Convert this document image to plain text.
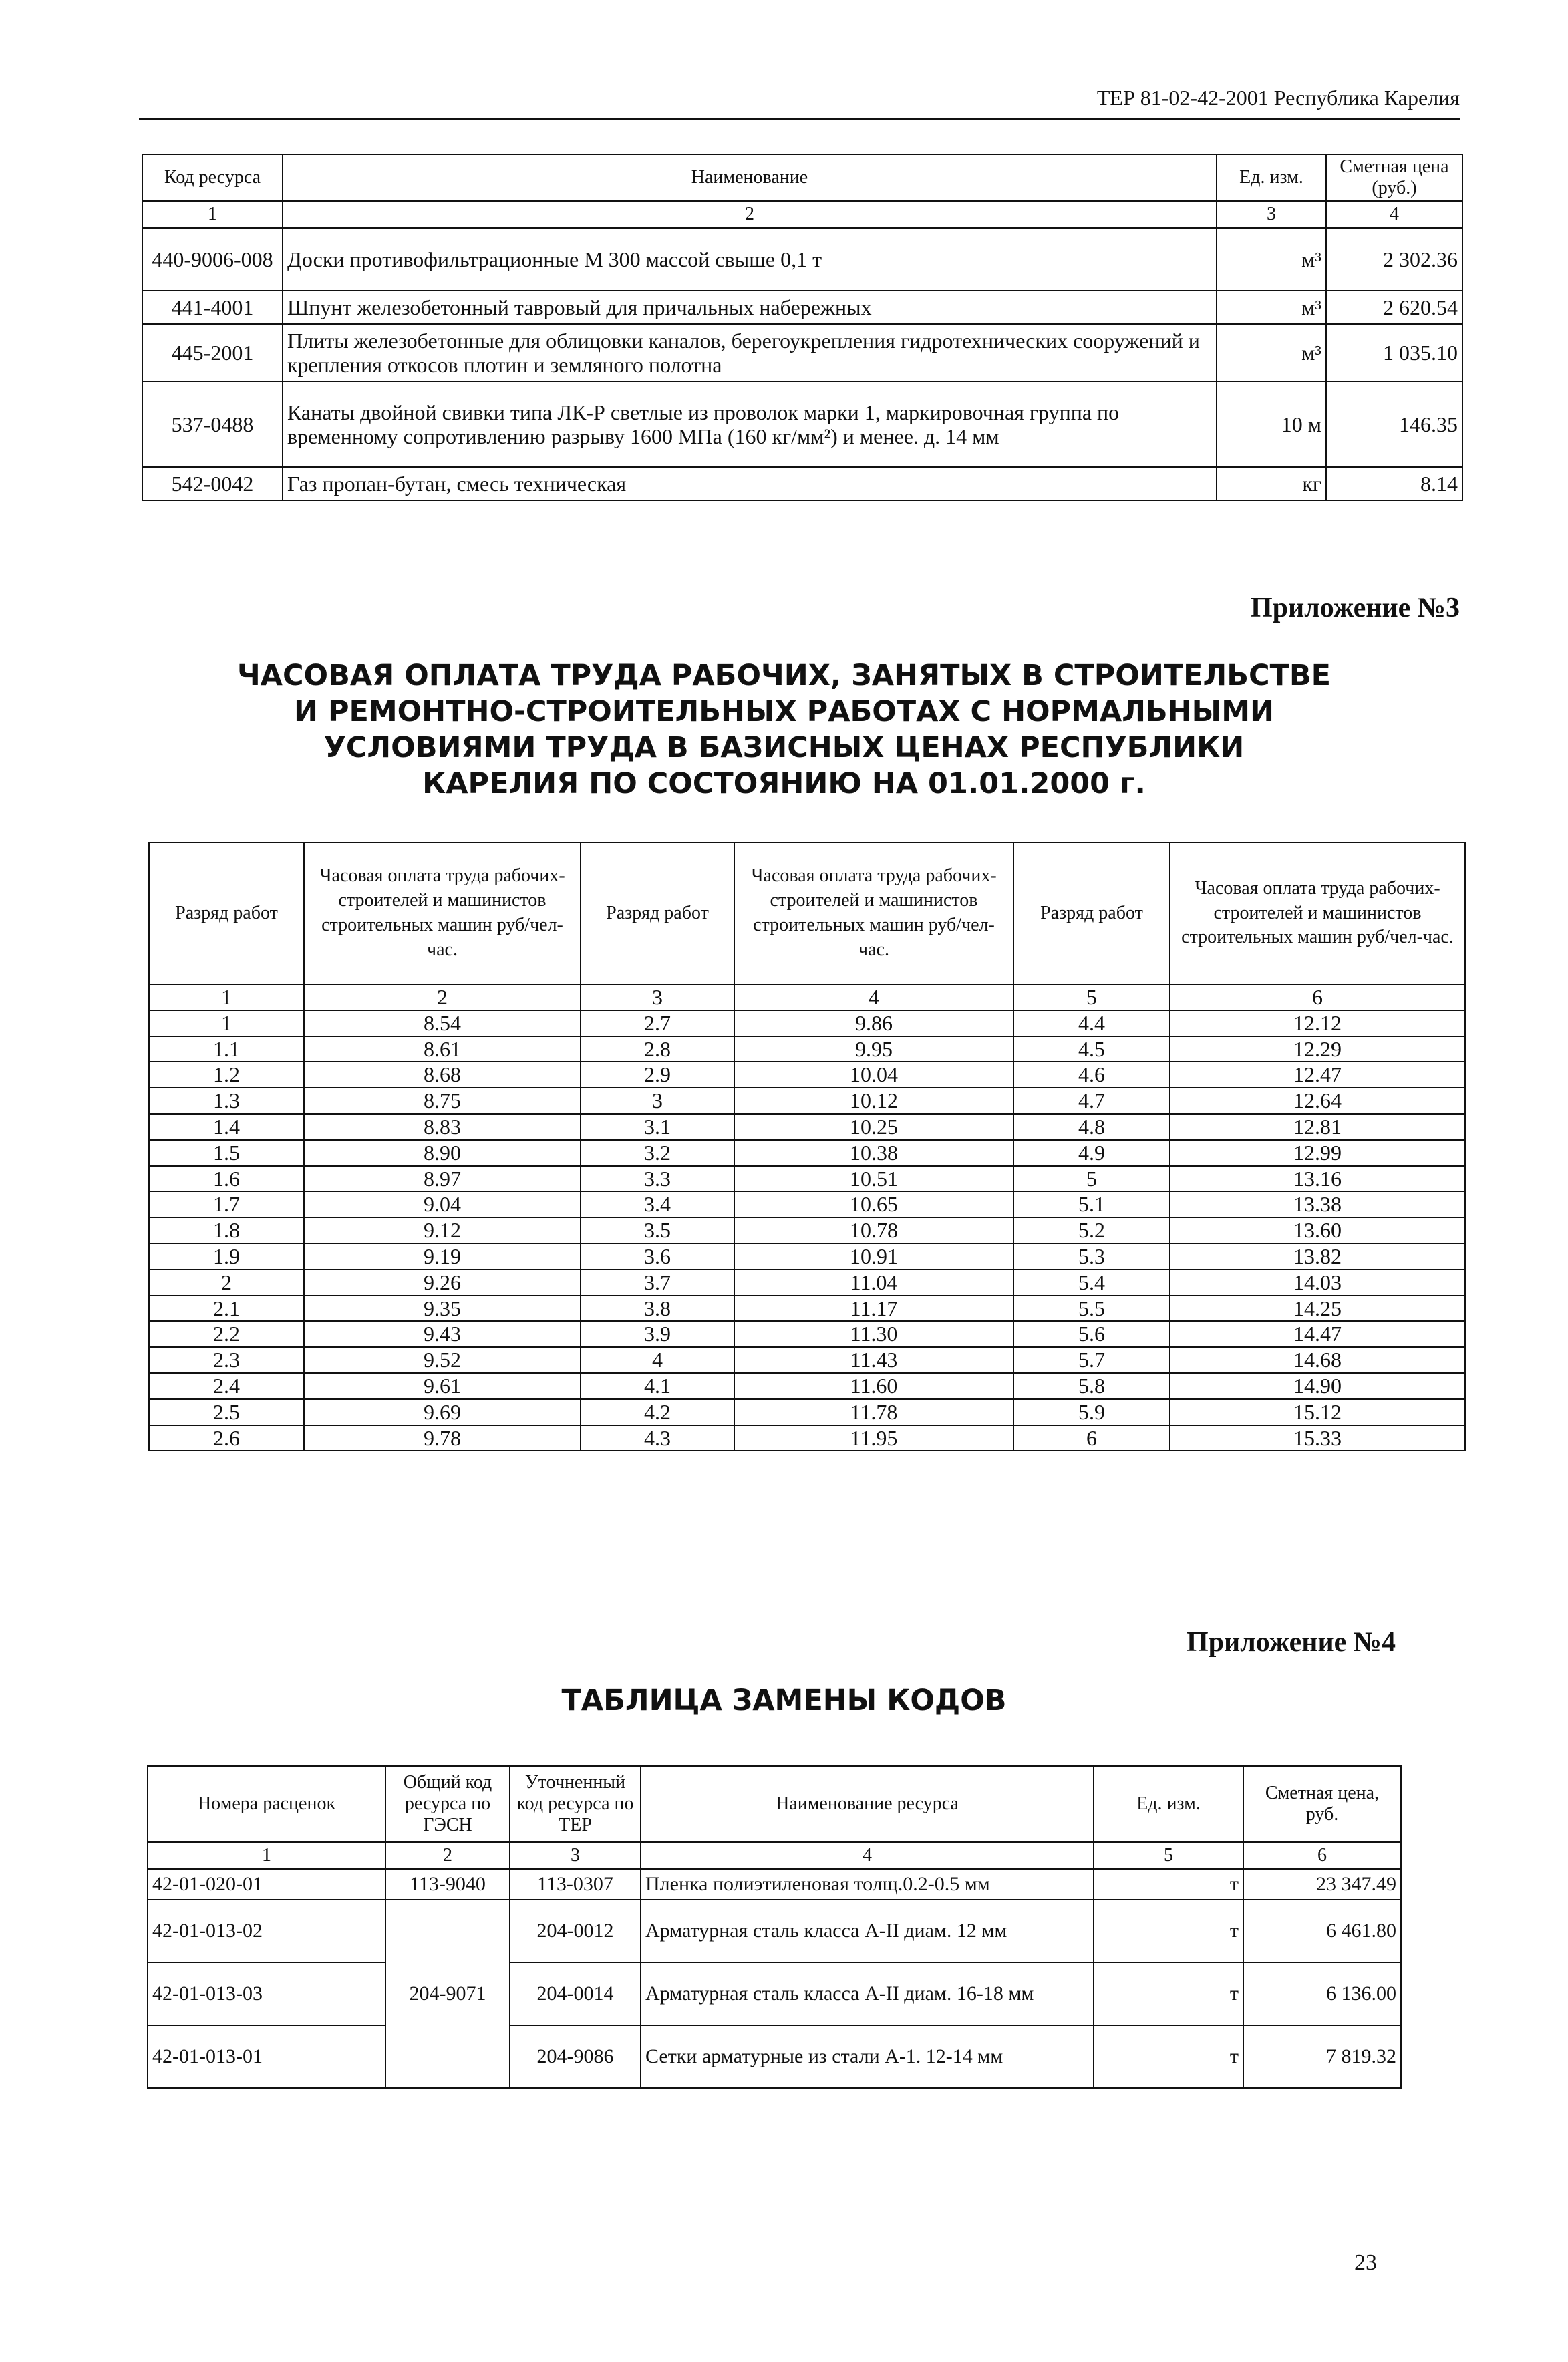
ТЕР 81-02-42-2001 Республика Карелия
Код ресурса	Наименование	Ед. изм.	Сметная цена (руб.)
1	2	3	4
440-9006-008	Доски противофильтрационные М 300 массой свыше 0,1 т	м³	2 302.36
441-4001	Шпунт железобетонный тавровый для причальных набережных	м³	2 620.54
445-2001	Плиты железобетонные для облицовки каналов, берегоукрепления гидротехнических сооружений и крепления откосов плотин и земляного полотна	м³	1 035.10
537-0488	Канаты двойной свивки типа ЛК-Р светлые из проволок марки 1, маркировочная группа по временному сопротивлению разрыву 1600 МПа (160 кг/мм²) и менее. д. 14 мм	10 м	146.35
542-0042	Газ пропан-бутан, смесь техническая	кг	8.14
Приложение №3
ЧАСОВАЯ ОПЛАТА ТРУДА РАБОЧИХ, ЗАНЯТЫХ В СТРОИТЕЛЬСТВЕ
И РЕМОНТНО-СТРОИТЕЛЬНЫХ РАБОТАХ С НОРМАЛЬНЫМИ
УСЛОВИЯМИ ТРУДА В БАЗИСНЫХ ЦЕНАХ РЕСПУБЛИКИ
КАРЕЛИЯ ПО СОСТОЯНИЮ НА 01.01.2000 г.
Разряд работ	Часовая оплата труда рабочих-строителей и машинистов строительных машин руб/чел-час.	Разряд работ	Часовая оплата труда рабочих-строителей и машинистов строительных машин руб/чел-час.	Разряд работ	Часовая оплата труда рабочих-строителей и машинистов строительных машин руб/чел-час.
1	2	3	4	5	6
1	8.54	2.7	9.86	4.4	12.12
1.1	8.61	2.8	9.95	4.5	12.29
1.2	8.68	2.9	10.04	4.6	12.47
1.3	8.75	3	10.12	4.7	12.64
1.4	8.83	3.1	10.25	4.8	12.81
1.5	8.90	3.2	10.38	4.9	12.99
1.6	8.97	3.3	10.51	5	13.16
1.7	9.04	3.4	10.65	5.1	13.38
1.8	9.12	3.5	10.78	5.2	13.60
1.9	9.19	3.6	10.91	5.3	13.82
2	9.26	3.7	11.04	5.4	14.03
2.1	9.35	3.8	11.17	5.5	14.25
2.2	9.43	3.9	11.30	5.6	14.47
2.3	9.52	4	11.43	5.7	14.68
2.4	9.61	4.1	11.60	5.8	14.90
2.5	9.69	4.2	11.78	5.9	15.12
2.6	9.78	4.3	11.95	6	15.33
Приложение №4
ТАБЛИЦА ЗАМЕНЫ КОДОВ
Номера расценок	Общий код ресурса по ГЭСН	Уточненный код ресурса по ТЕР	Наименование ресурса	Ед. изм.	Сметная цена, руб.
1	2	3	4	5	6
42-01-020-01	113-9040	113-0307	Пленка полиэтиленовая толщ.0.2-0.5 мм	т	23 347.49
42-01-013-02	204-9071	204-0012	Арматурная сталь класса А-II диам. 12 мм	т	6 461.80
42-01-013-03		204-0014	Арматурная сталь класса А-II диам. 16-18 мм	т	6 136.00
42-01-013-01		204-9086	Сетки арматурные из стали А-1. 12-14 мм	т	7 819.32
23
